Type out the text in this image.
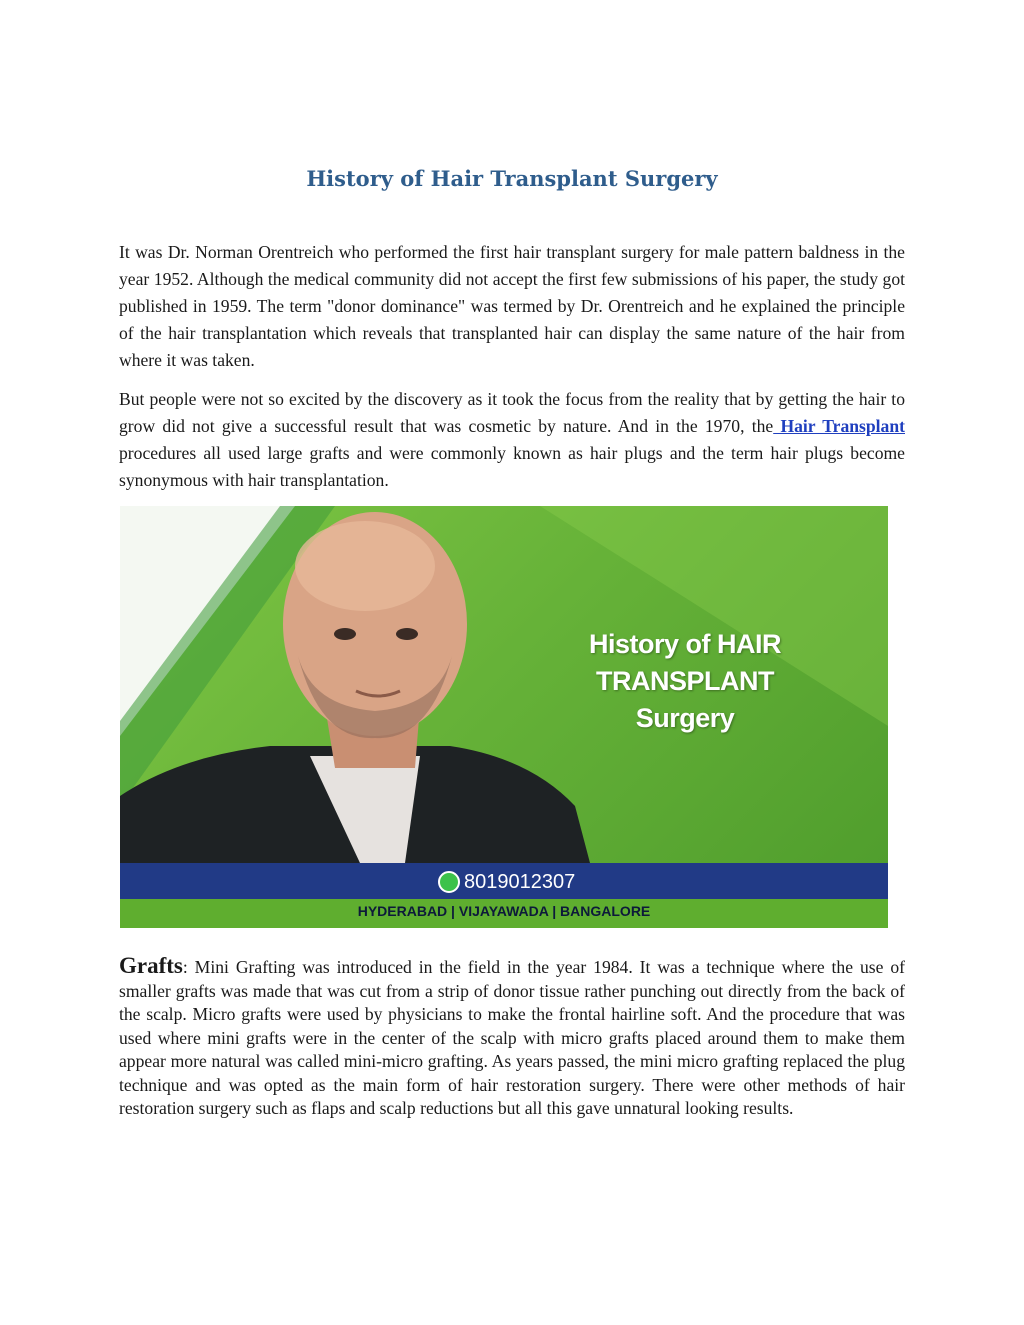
History of Hair Transplant Surgery

It was Dr. Norman Orentreich who performed the first hair transplant surgery for male pattern baldness in the year 1952. Although the medical community did not accept the first few submissions of his paper, the study got published in 1959. The term "donor dominance" was termed by Dr. Orentreich and he explained the principle of the hair transplantation which reveals that transplanted hair can display the same nature of the hair from where it was taken.

But people were not so excited by the discovery as it took the focus from the reality that by getting the hair to grow did not give a successful result that was cosmetic by nature. And in the 1970, the Hair Transplant procedures all used large grafts and were commonly known as hair plugs and the term hair plugs become synonymous with hair transplantation.

History of HAIR
TRANSPLANT
Surgery
8019012307
HYDERABAD | VIJAYAWADA | BANGALORE

Grafts: Mini Grafting was introduced in the field in the year 1984. It was a technique where the use of smaller grafts was made that was cut from a strip of donor tissue rather punching out directly from the back of the scalp. Micro grafts were used by physicians to make the frontal hairline soft. And the procedure that was used where mini grafts were in the center of the scalp with micro grafts placed around them to make them appear more natural was called mini-micro grafting. As years passed, the mini micro grafting replaced the plug technique and was opted as the main form of hair restoration surgery. There were other methods of hair restoration surgery such as flaps and scalp reductions but all this gave unnatural looking results.
